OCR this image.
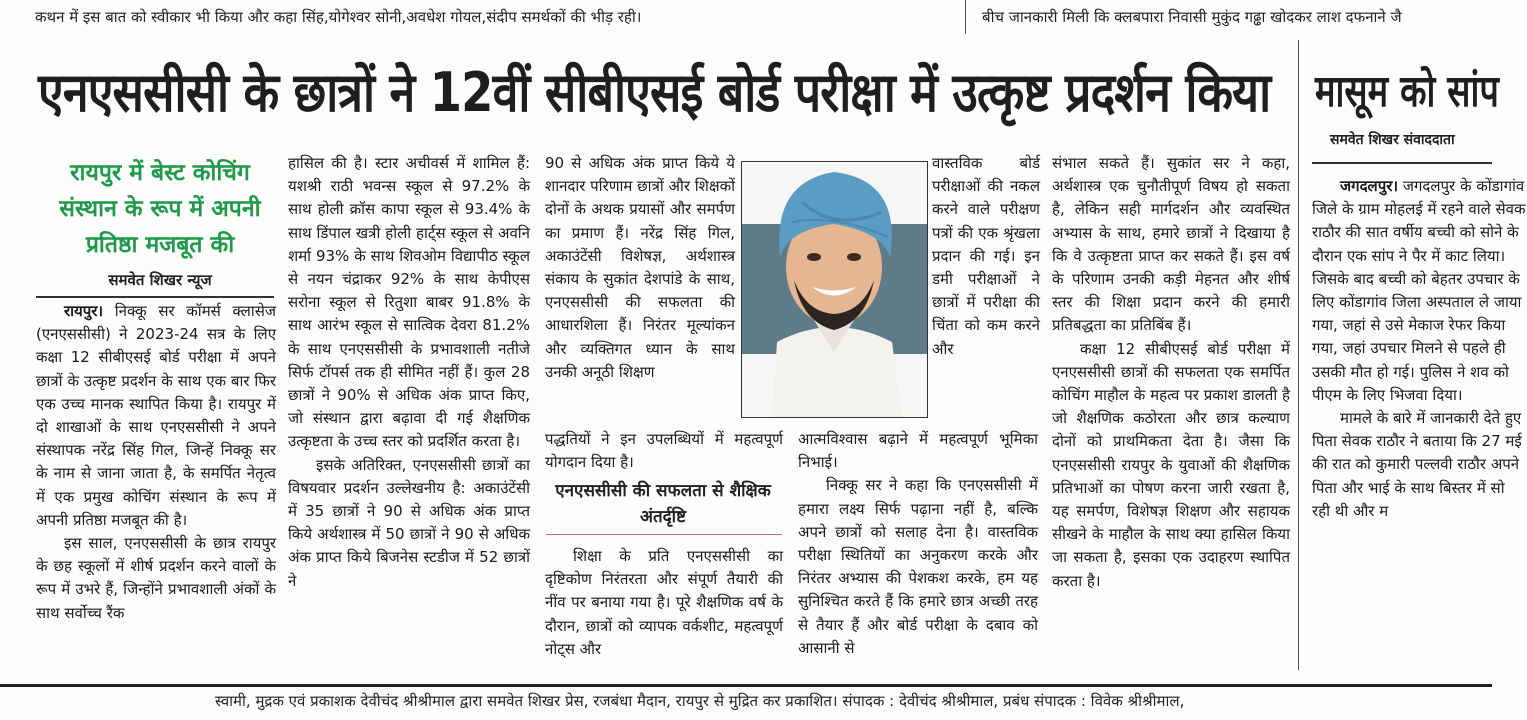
कथन में इस बात को स्वीकार भी किया और कहा सिंह,योगेश्वर सोनी,अवधेश गोयल,संदीप समर्थकों की भीड़ रही।	बीच जानकारी मिली कि क्लबपारा निवासी मुकुंद गढ्ढा खोदकर लाश दफनाने जै
एनएससीसी के छात्रों ने 12वीं सीबीएसई बोर्ड परीक्षा में उत्कृष्ट प्रदर्शन किया
रायपुर में बेस्ट कोचिंग संस्थान के रूप में अपनी प्रतिष्ठा मजबूत की
समवेत शिखर न्यूज

रायपुर। निक्कू सर कॉमर्स क्लासेज (एनएससीसी) ने 2023-24 सत्र के लिए कक्षा 12 सीबीएसई बोर्ड परीक्षा में अपने छात्रों के उत्कृष्ट प्रदर्शन के साथ एक बार फिर एक उच्च मानक स्थापित किया है। रायपुर में दो शाखाओं के साथ एनएससीसी ने अपने संस्थापक नरेंद्र सिंह गिल, जिन्हें निक्कू सर के नाम से जाना जाता है, के समर्पित नेतृत्व में एक प्रमुख कोचिंग संस्थान के रूप में अपनी प्रतिष्ठा मजबूत की है।

इस साल, एनएससीसी के छात्र रायपुर के छह स्कूलों में शीर्ष प्रदर्शन करने वालों के रूप में उभरे हैं, जिन्होंने प्रभावशाली अंकों के साथ सर्वोच्च रैंक

हासिल की है। स्टार अचीवर्स में शामिल हैं: यशश्री राठी भवन्स स्कूल से 97.2% के साथ होली क्रॉस कापा स्कूल से 93.4% के साथ डिंपाल खत्री होली हार्ट्स स्कूल से अवनि शर्मा 93% के साथ शिवओम विद्यापीठ स्कूल से नयन चंद्राकर 92% के साथ केपीएस सरोना स्कूल से रितुशा बाबर 91.8% के साथ आरंभ स्कूल से सात्विक देवरा 81.2% के साथ एनएससीसी के प्रभावशाली नतीजे सिर्फ टॉपर्स तक ही सीमित नहीं हैं। कुल 28 छात्रों ने 90% से अधिक अंक प्राप्त किए, जो संस्थान द्वारा बढ़ावा दी गई शैक्षणिक उत्कृष्टता के उच्च स्तर को प्रदर्शित करता है।

इसके अतिरिक्त, एनएससीसी छात्रों का विषयवार प्रदर्शन उल्लेखनीय है: अकाउंटेंसी में 35 छात्रों ने 90 से अधिक अंक प्राप्त किये अर्थशास्त्र में 50 छात्रों ने 90 से अधिक अंक प्राप्त किये बिजनेस स्टडीज में 52 छात्रों ने

90 से अधिक अंक प्राप्त किये ये शानदार परिणाम छात्रों और शिक्षकों दोनों के अथक प्रयासों और समर्पण का प्रमाण हैं। नरेंद्र सिंह गिल, अकाउंटेंसी विशेषज्ञ, अर्थशास्त्र संकाय के सुकांत देशपांडे के साथ, एनएससीसी की सफलता की आधारशिला हैं। निरंतर मूल्यांकन और व्यक्तिगत ध्यान के साथ उनकी अनूठी शिक्षण

पद्धतियों ने इन उपलब्धियों में महत्वपूर्ण योगदान दिया है।

एनएससीसी की सफलता से शैक्षिक अंतर्दृष्टि

शिक्षा के प्रति एनएससीसी का दृष्टिकोण निरंतरता और संपूर्ण तैयारी की नींव पर बनाया गया है। पूरे शैक्षणिक वर्ष के दौरान, छात्रों को व्यापक वर्कशीट, महत्वपूर्ण नोट्स और

वास्तविक बोर्ड परीक्षाओं की नकल करने वाले परीक्षण पत्रों की एक श्रृंखला प्रदान की गई। इन डमी परीक्षाओं ने छात्रों में परीक्षा की चिंता को कम करने और

आत्मविश्वास बढ़ाने में महत्वपूर्ण भूमिका निभाई।

निक्कू सर ने कहा कि एनएससीसी में हमारा लक्ष्य सिर्फ पढ़ाना नहीं है, बल्कि अपने छात्रों को सलाह देना है। वास्तविक परीक्षा स्थितियों का अनुकरण करके और निरंतर अभ्यास की पेशकश करके, हम यह सुनिश्चित करते हैं कि हमारे छात्र अच्छी तरह से तैयार हैं और बोर्ड परीक्षा के दबाव को आसानी से

संभाल सकते हैं। सुकांत सर ने कहा, अर्थशास्त्र एक चुनौतीपूर्ण विषय हो सकता है, लेकिन सही मार्गदर्शन और व्यवस्थित अभ्यास के साथ, हमारे छात्रों ने दिखाया है कि वे उत्कृष्टता प्राप्त कर सकते हैं। इस वर्ष के परिणाम उनकी कड़ी मेहनत और शीर्ष स्तर की शिक्षा प्रदान करने की हमारी प्रतिबद्धता का प्रतिबिंब हैं।

कक्षा 12 सीबीएसई बोर्ड परीक्षा में एनएससीसी छात्रों की सफलता एक समर्पित कोचिंग माहौल के महत्व पर प्रकाश डालती है जो शैक्षणिक कठोरता और छात्र कल्याण दोनों को प्राथमिकता देता है। जैसा कि एनएससीसी रायपुर के युवाओं की शैक्षणिक प्रतिभाओं का पोषण करना जारी रखता है, यह समर्पण, विशेषज्ञ शिक्षण और सहायक सीखने के माहौल के साथ क्या हासिल किया जा सकता है, इसका एक उदाहरण स्थापित करता है।

मासूम को सांप
समवेत शिखर संवाददाता

जगदलपुर। जगदलपुर के कोंडागांव जिले के ग्राम मोहलई में रहने वाले सेवक राठौर की सात वर्षीय बच्ची को सोने के दौरान एक सांप ने पैर में काट लिया। जिसके बाद बच्ची को बेहतर उपचार के लिए कोंडागांव जिला अस्पताल ले जाया गया, जहां से उसे मेकाज रेफर किया गया, जहां उपचार मिलने से पहले ही उसकी मौत हो गई। पुलिस ने शव को पीएम के लिए भिजवा दिया।

मामले के बारे में जानकारी देते हुए पिता सेवक राठौर ने बताया कि 27 मई की रात को कुमारी पल्लवी राठौर अपने पिता और भाई के साथ बिस्तर में सो रही थी और म

स्वामी, मुद्रक एवं प्रकाशक देवीचंद श्रीश्रीमाल द्वारा समवेत शिखर प्रेस, रजबंधा मैदान, रायपुर से मुद्रित कर प्रकाशित। संपादक : देवीचंद श्रीश्रीमाल, प्रबंध संपादक : विवेक श्रीश्रीमाल,
